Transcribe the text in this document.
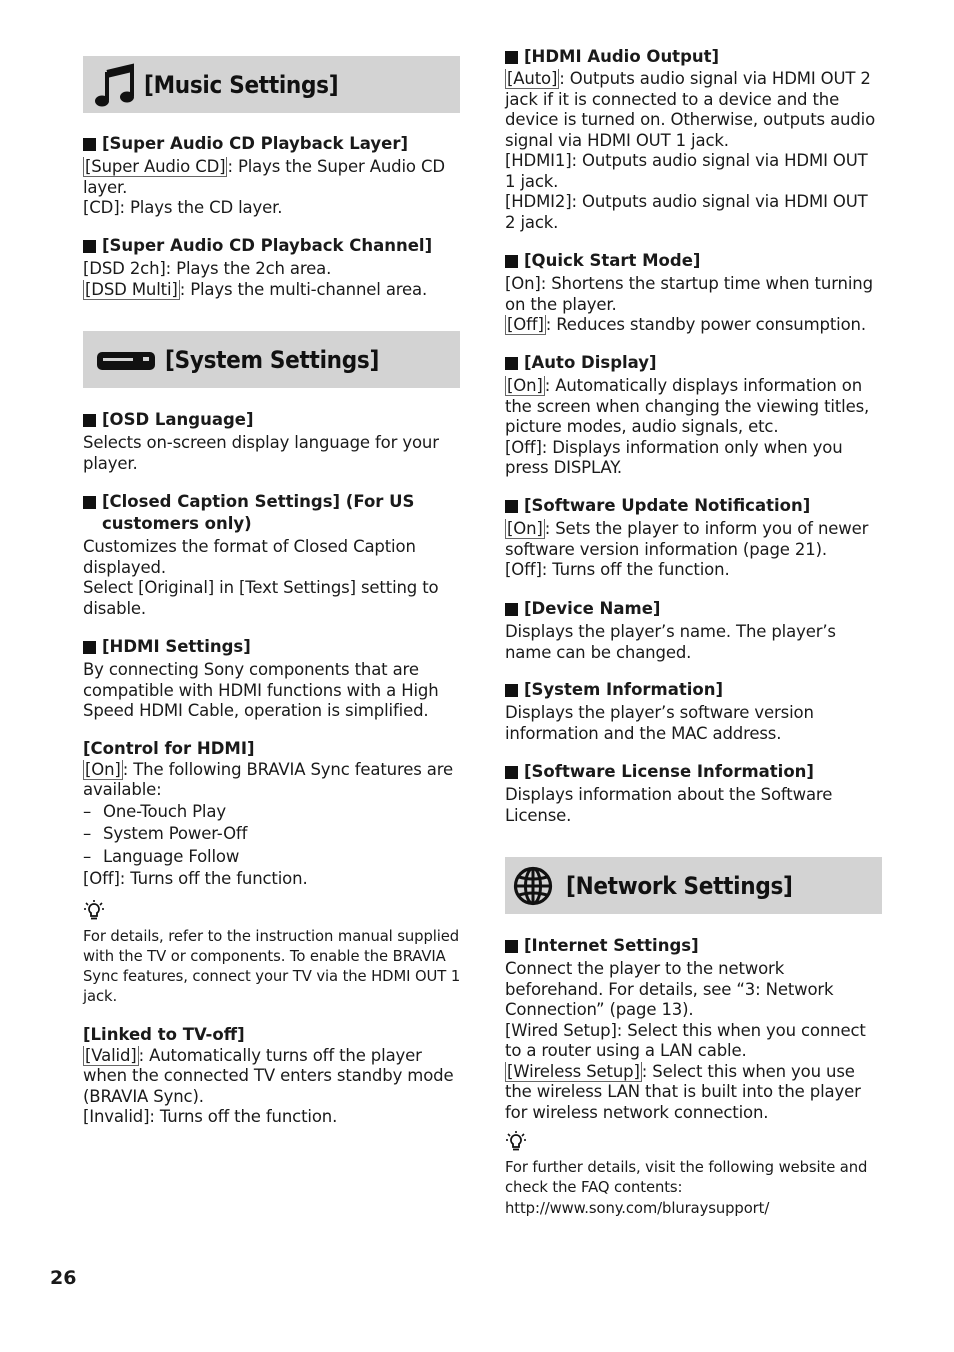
[Music Settings]
[Super Audio CD Playback Layer]

[Super Audio CD] : Plays the Super Audio CD layer.

[CD]: Plays the CD layer.

[Super Audio CD Playback Channel]

[DSD 2ch]: Plays the 2ch area.

[DSD Multi] : Plays the multi-channel area.

[System Settings]
[OSD Language]

Selects on-screen display language for your player.

[Closed Caption Settings] (For US customers only)

Customizes the format of Closed Caption displayed.

Select [Original] in [Text Settings] setting to disable.

[HDMI Settings]

By connecting Sony components that are compatible with HDMI functions with a High Speed HDMI Cable, operation is simplified.

[Control for HDMI]

[On] : The following BRAVIA Sync features are available:

– One-Touch Play

– System Power-Off

– Language Follow

[Off]: Turns off the function.

For details, refer to the instruction manual supplied with the TV or components. To enable the BRAVIA Sync features, connect your TV via the HDMI OUT 1 jack.
[Linked to TV-off]

[Valid] : Automatically turns off the player when the connected TV enters standby mode (BRAVIA Sync).

[Invalid]: Turns off the function.

[HDMI Audio Output]

[Auto] : Outputs audio signal via HDMI OUT 2 jack if it is connected to a device and the device is turned on. Otherwise, outputs audio signal via HDMI OUT 1 jack.

[HDMI1]: Outputs audio signal via HDMI OUT 1 jack.

[HDMI2]: Outputs audio signal via HDMI OUT 2 jack.

[Quick Start Mode]

[On]: Shortens the startup time when turning on the player.

[Off] : Reduces standby power consumption.

[Auto Display]

[On] : Automatically displays information on the screen when changing the viewing titles, picture modes, audio signals, etc.

[Off]: Displays information only when you press DISPLAY.

[Software Update Notification]

[On] : Sets the player to inform you of newer software version information (page 21).

[Off]: Turns off the function.

[Device Name]

Displays the player’s name. The player’s name can be changed.

[System Information]

Displays the player’s software version information and the MAC address.

[Software License Information]

Displays information about the Software License.

[Network Settings]
[Internet Settings]

Connect the player to the network beforehand. For details, see “3: Network Connection” (page 13).

[Wired Setup]: Select this when you connect to a router using a LAN cable.

[Wireless Setup] : Select this when you use the wireless LAN that is built into the player for wireless network connection.

For further details, visit the following website and check the FAQ contents:
http://www.sony.com/bluraysupport/
26
